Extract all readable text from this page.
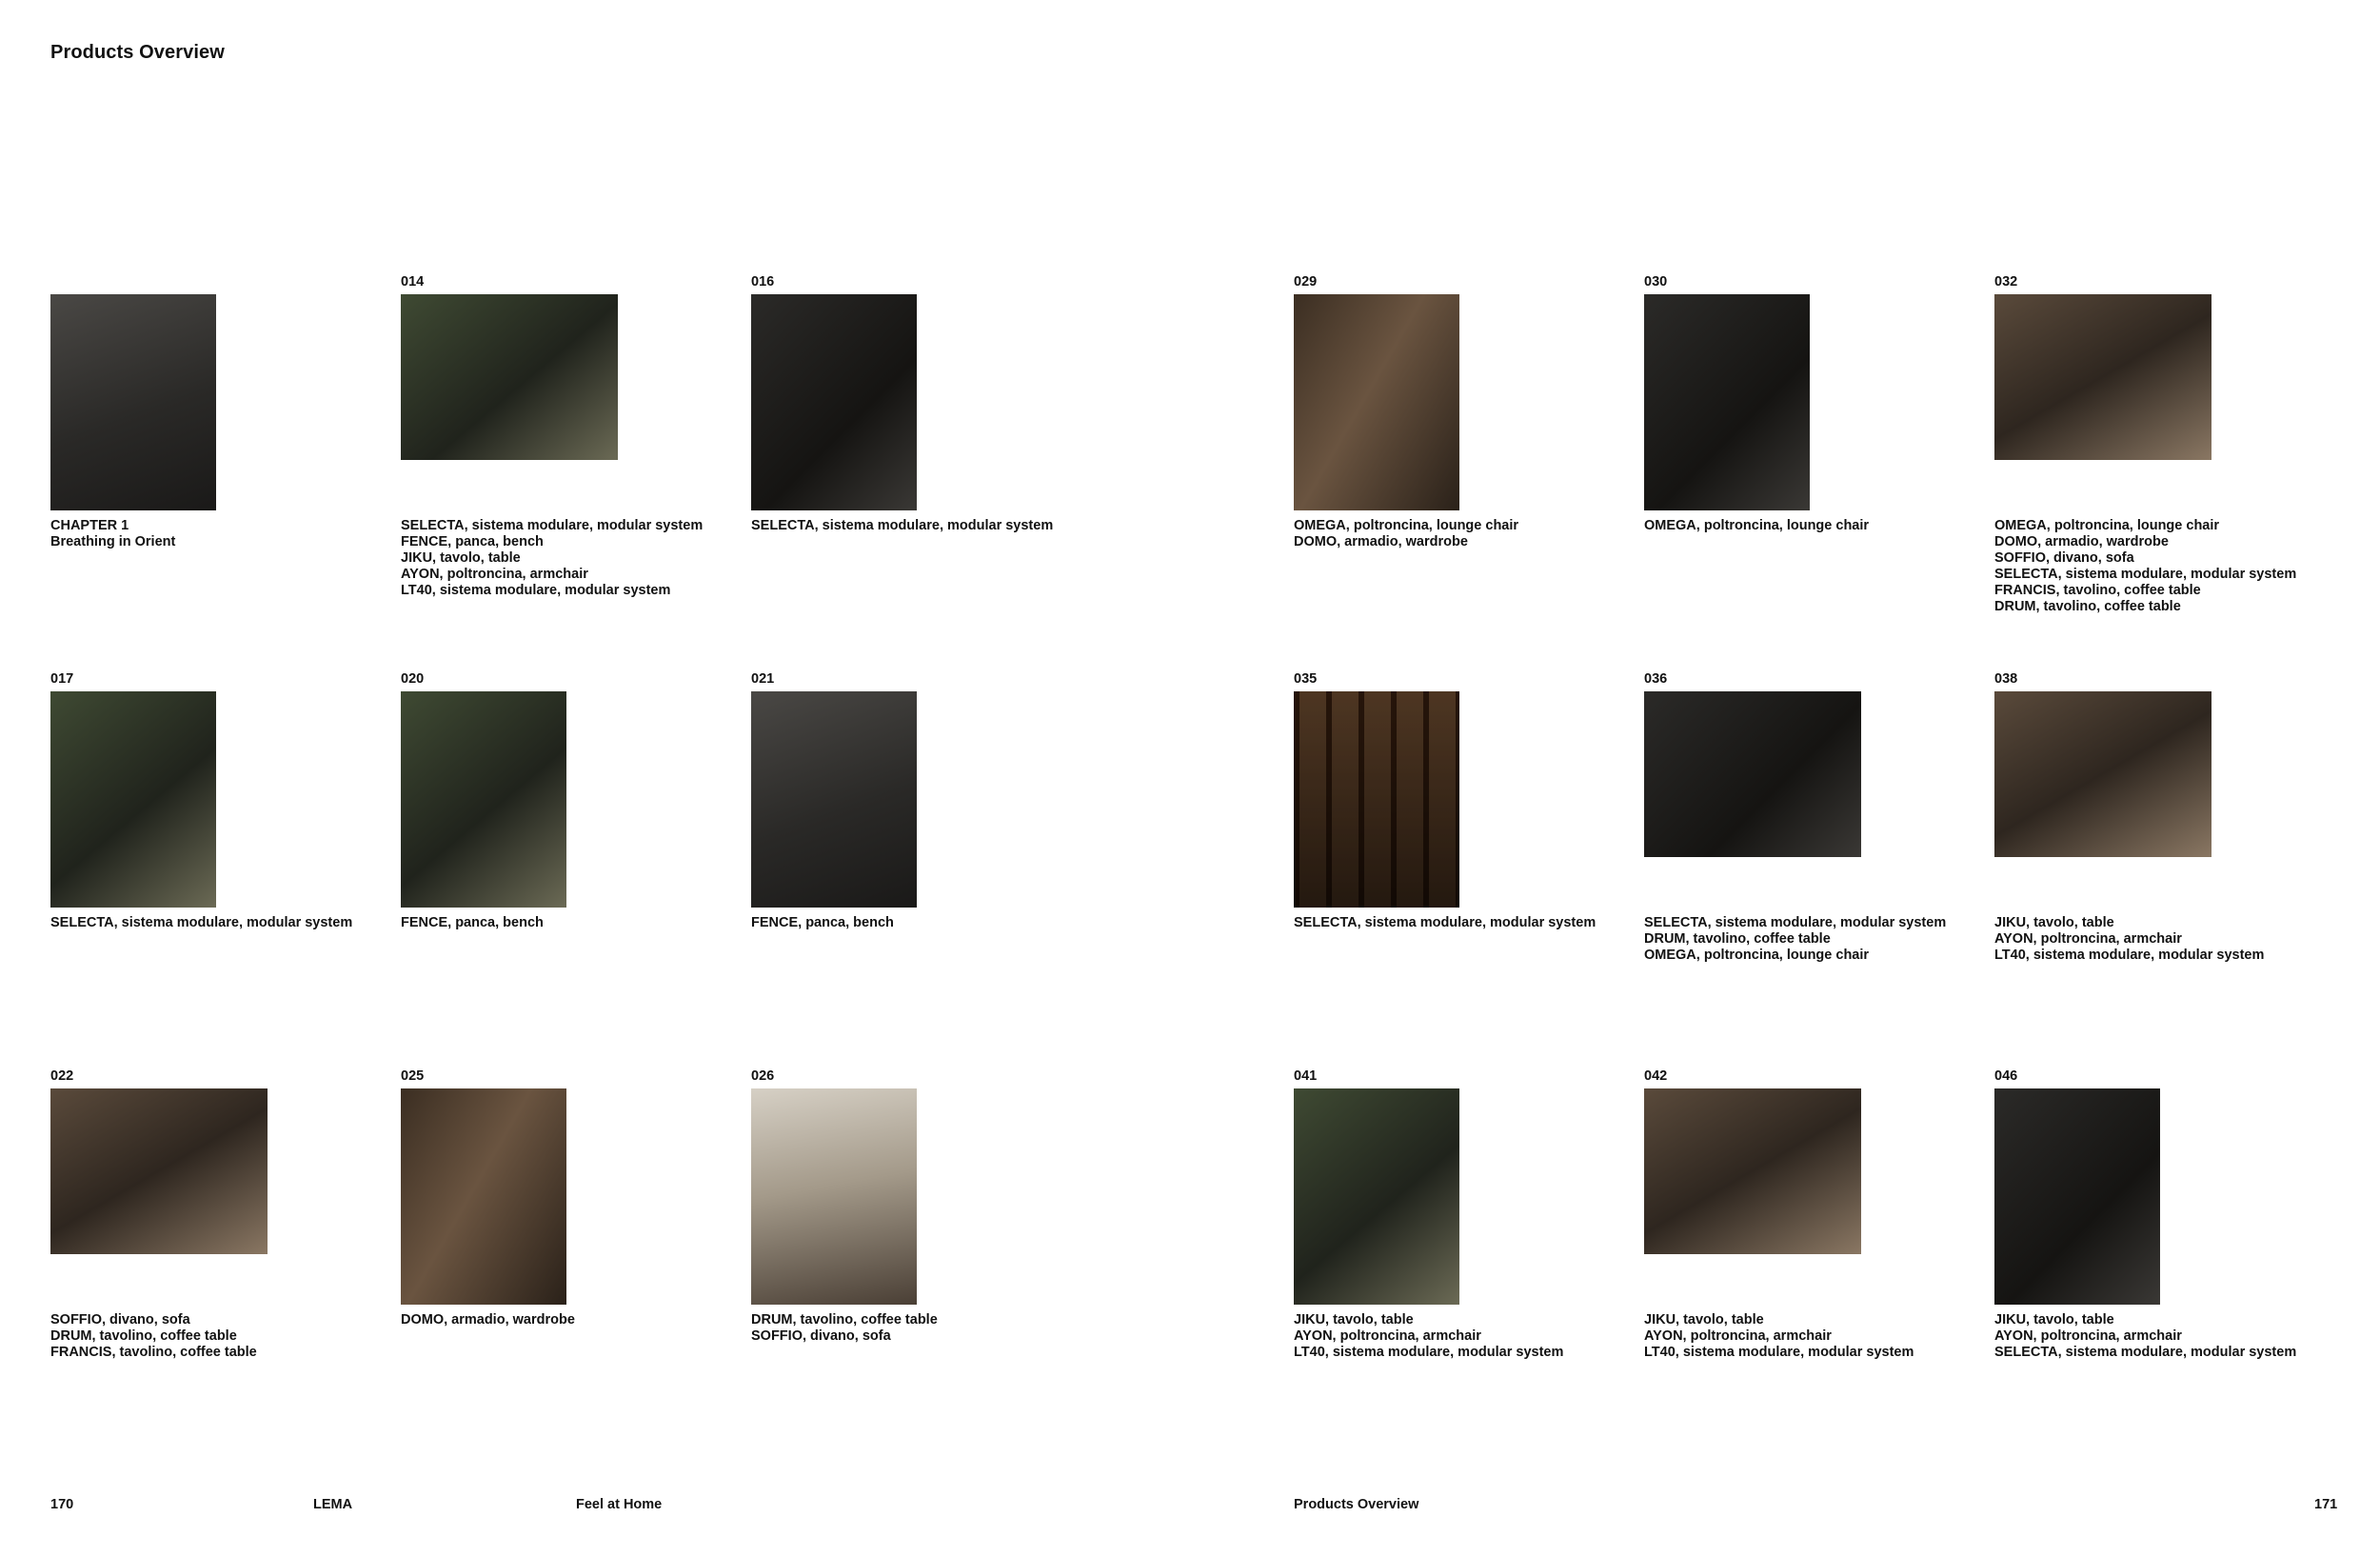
Products Overview
CHAPTER 1
Breathing in Orient
014
SELECTA, sistema modulare, modular system
FENCE, panca, bench
JIKU, tavolo, table
AYON, poltroncina, armchair
LT40, sistema modulare, modular system
016
SELECTA, sistema modulare, modular system
017
SELECTA, sistema modulare, modular system
020
FENCE, panca, bench
021
FENCE, panca, bench
022
SOFFIO, divano, sofa
DRUM, tavolino, coffee table
FRANCIS, tavolino, coffee table
025
DOMO, armadio, wardrobe
026
DRUM, tavolino, coffee table
SOFFIO, divano, sofa
029
OMEGA, poltroncina, lounge chair
DOMO, armadio, wardrobe
030
OMEGA, poltroncina, lounge chair
032
OMEGA, poltroncina, lounge chair
DOMO, armadio, wardrobe
SOFFIO, divano, sofa
SELECTA, sistema modulare, modular system
FRANCIS, tavolino, coffee table
DRUM, tavolino, coffee table
035
SELECTA, sistema modulare, modular system
036
SELECTA, sistema modulare, modular system
DRUM, tavolino, coffee table
OMEGA, poltroncina, lounge chair
038
JIKU, tavolo, table
AYON, poltroncina, armchair
LT40, sistema modulare, modular system
041
JIKU, tavolo, table
AYON, poltroncina, armchair
LT40, sistema modulare, modular system
042
JIKU, tavolo, table
AYON, poltroncina, armchair
LT40, sistema modulare, modular system
046
JIKU, tavolo, table
AYON, poltroncina, armchair
SELECTA, sistema modulare, modular system
170	LEMA	Feel at Home	Products Overview	171
